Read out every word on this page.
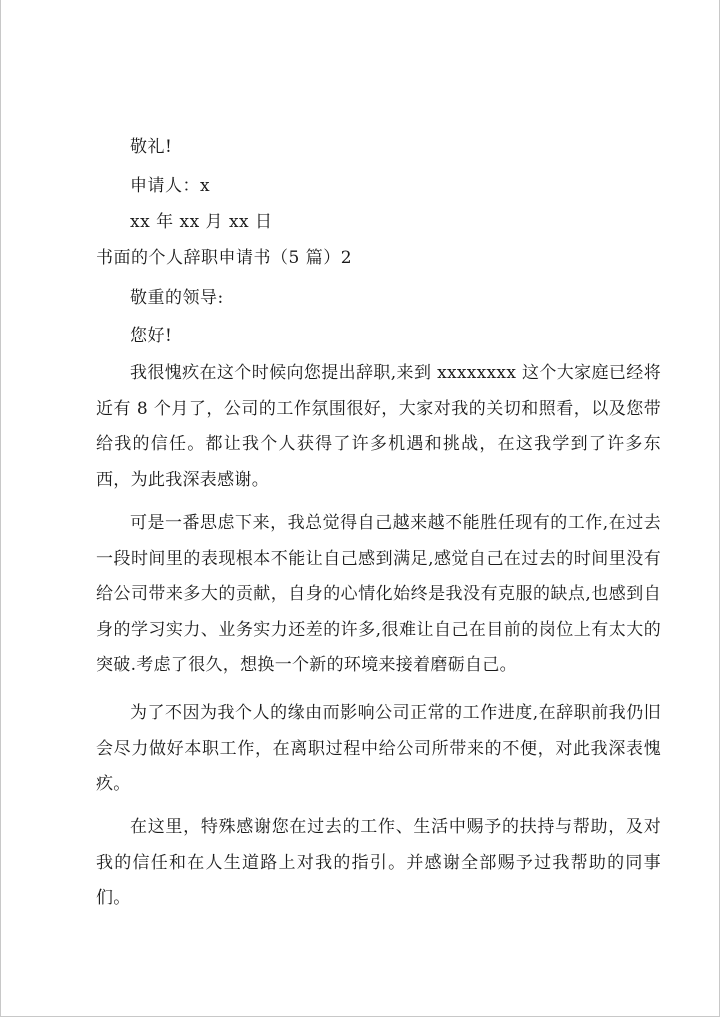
敬礼!
申请人：x
xx 年 xx 月 xx 日
书面的个人辞职申请书（5 篇）2
敬重的领导:
您好!
我很愧疚在这个时候向您提出辞职,来到 xxxxxxxx 这个大家庭已经将近有 8 个月了，公司的工作氛围很好，大家对我的关切和照看，以及您带给我的信任。都让我个人获得了许多机遇和挑战，在这我学到了许多东西，为此我深表感谢。
可是一番思虑下来，我总觉得自己越来越不能胜任现有的工作,在过去一段时间里的表现根本不能让自己感到满足,感觉自己在过去的时间里没有给公司带来多大的贡献，自身的心情化始终是我没有克服的缺点,也感到自身的学习实力、业务实力还差的许多,很难让自己在目前的岗位上有太大的突破.考虑了很久，想换一个新的环境来接着磨砺自己。
为了不因为我个人的缘由而影响公司正常的工作进度,在辞职前我仍旧会尽力做好本职工作，在离职过程中给公司所带来的不便，对此我深表愧疚。
在这里，特殊感谢您在过去的工作、生活中赐予的扶持与帮助，及对我的信任和在人生道路上对我的指引。并感谢全部赐予过我帮助的同事们。
